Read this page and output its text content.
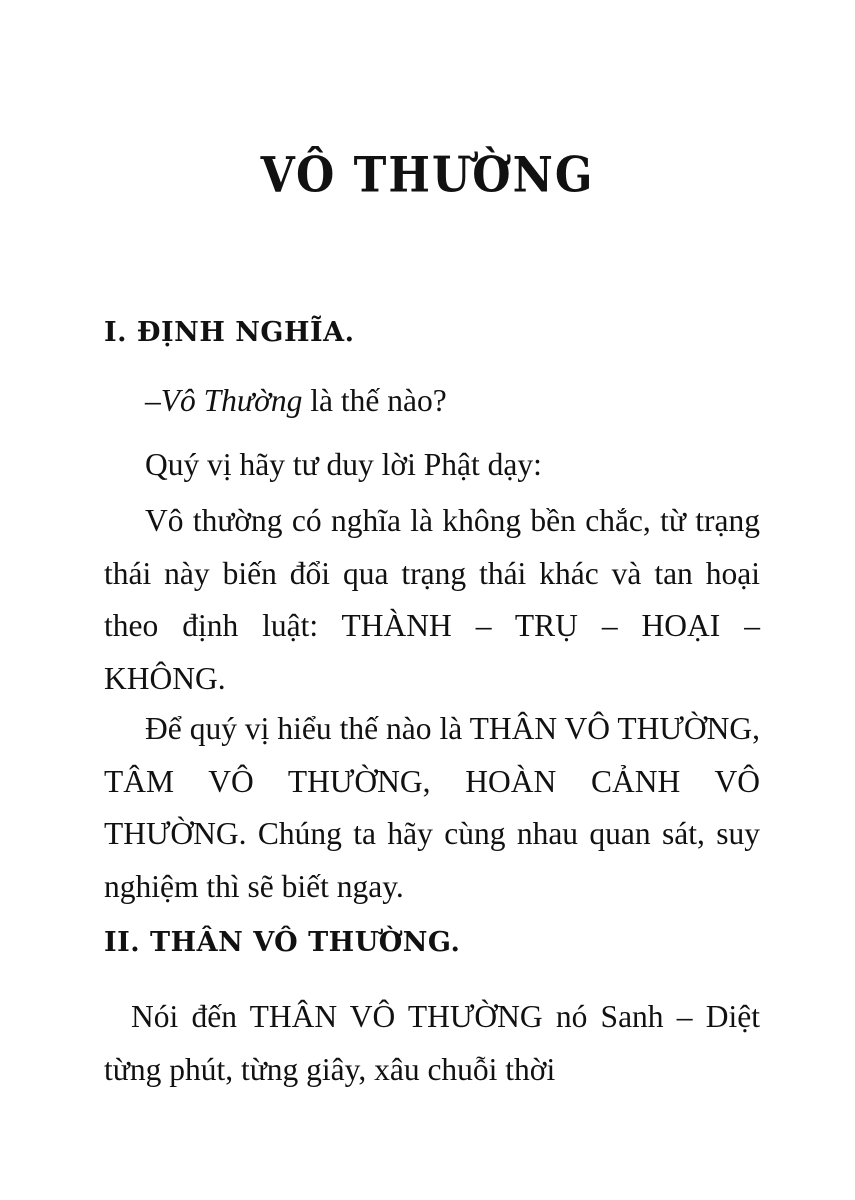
VÔ THƯỜNG
I. ĐỊNH NGHĨA.
–Vô Thường là thế nào?
Quý vị hãy tư duy lời Phật dạy:
Vô thường có nghĩa là không bền chắc, từ trạng thái này biến đổi qua trạng thái khác và tan hoại theo định luật: THÀNH – TRỤ – HOẠI – KHÔNG.
Để quý vị hiểu thế nào là THÂN VÔ THƯỜNG, TÂM VÔ THƯỜNG, HOÀN CẢNH VÔ THƯỜNG. Chúng ta hãy cùng nhau quan sát, suy nghiệm thì sẽ biết ngay.
II. THÂN VÔ THƯỜNG.
Nói đến THÂN VÔ THƯỜNG nó Sanh – Diệt từng phút, từng giây, xâu chuỗi thời
